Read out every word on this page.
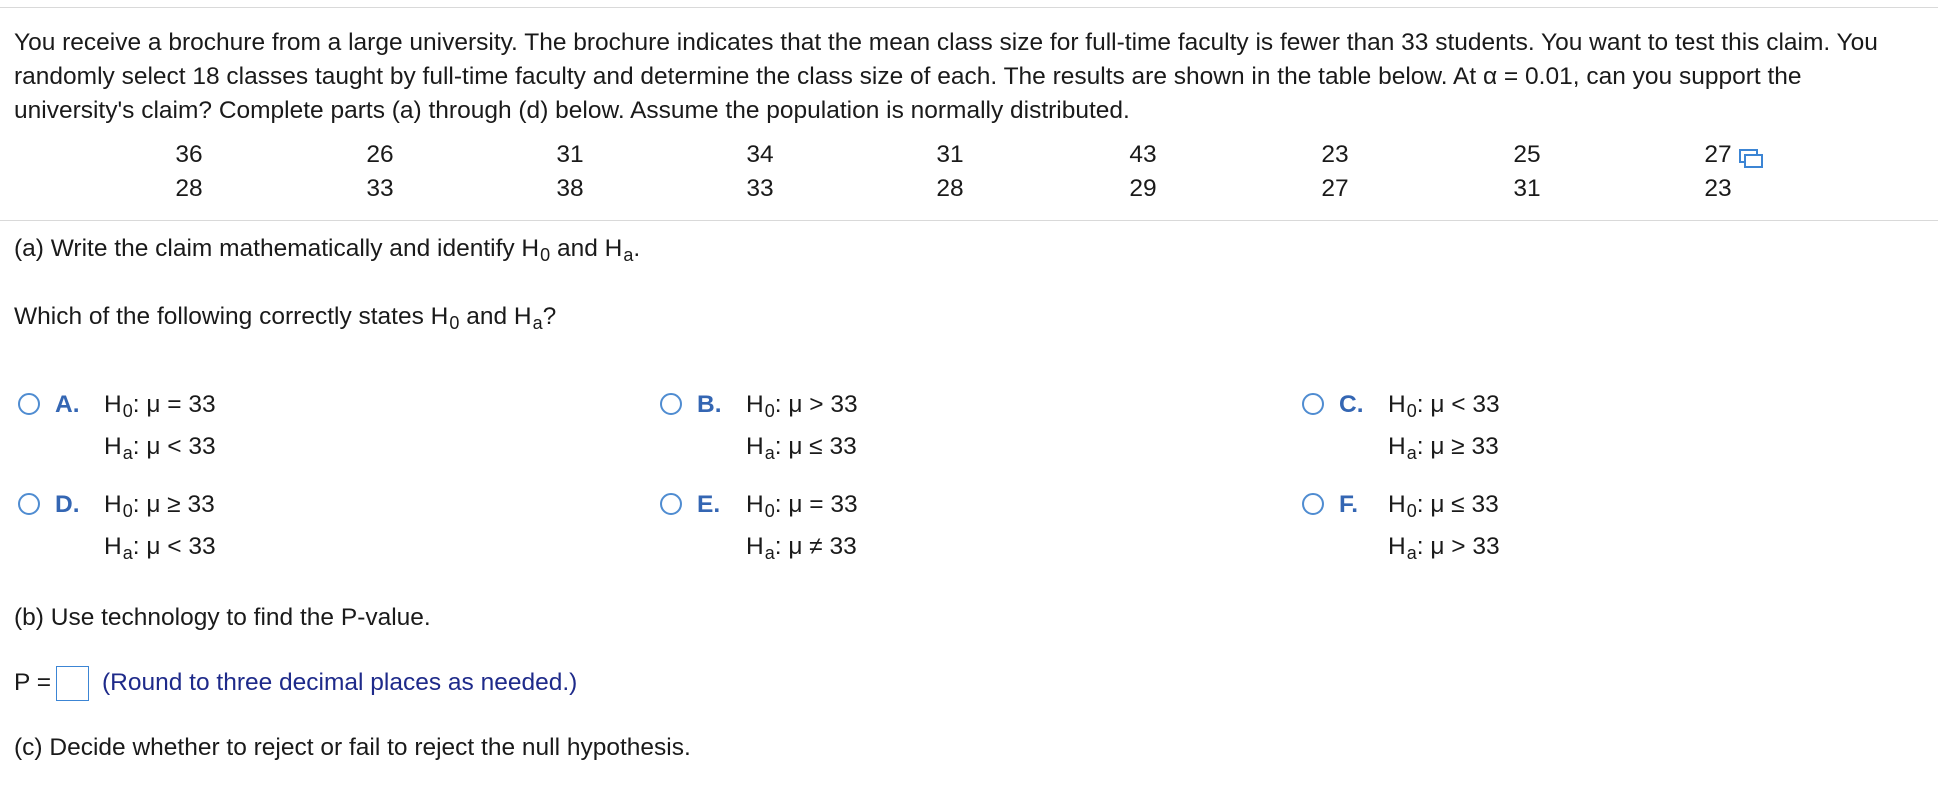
You receive a brochure from a large university. The brochure indicates that the mean class size for full-time faculty is fewer than 33 students. You want to test this claim. You randomly select 18 classes taught by full-time faculty and determine the class size of each. The results are shown in the table below. At α = 0.01, can you support the university's claim? Complete parts (a) through (d) below. Assume the population is normally distributed.
36	26	31	34	31	43	23	25	27
28	33	38	33	28	29	27	31	23
(a) Write the claim mathematically and identify $H_0$ and $H_a$.
Which of the following correctly states $H_0$ and $H_a$?
A. $H_0$: μ = 33
$H_a$: μ < 33
B. $H_0$: μ > 33
$H_a$: μ ≤ 33
C. $H_0$: μ < 33
$H_a$: μ ≥ 33
D. $H_0$: μ ≥ 33
$H_a$: μ < 33
E. $H_0$: μ = 33
$H_a$: μ ≠ 33
F. $H_0$: μ ≤ 33
$H_a$: μ > 33
(b) Use technology to find the P-value.
P = (Round to three decimal places as needed.)
(c) Decide whether to reject or fail to reject the null hypothesis.
